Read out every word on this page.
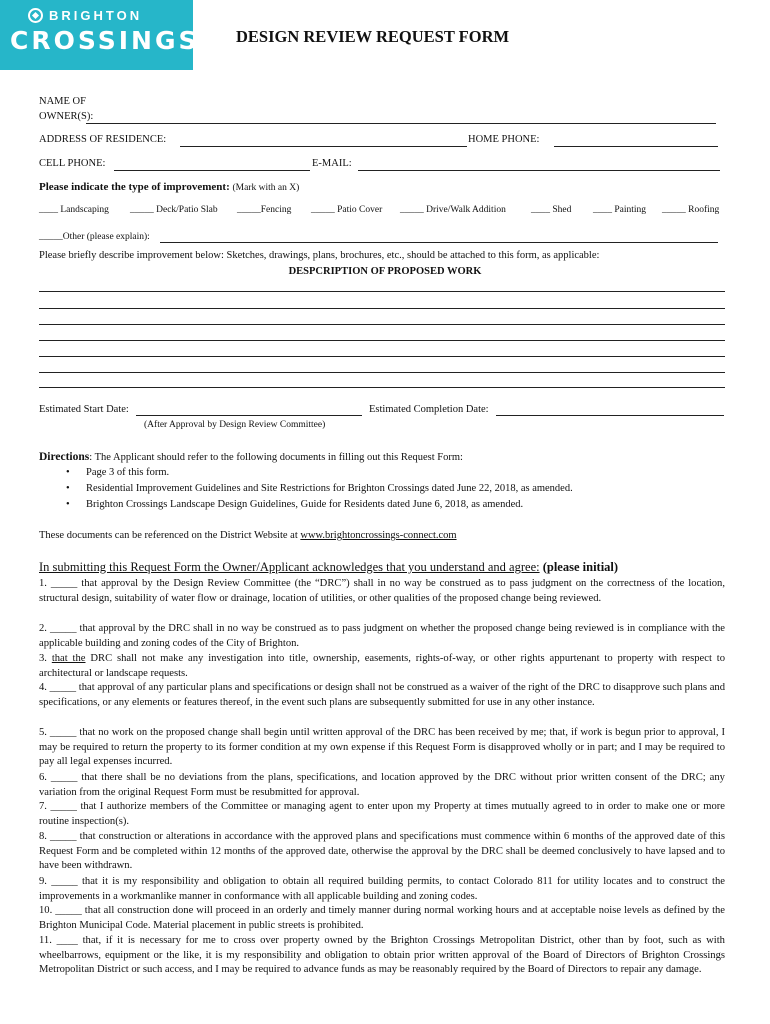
BRIGHTON
CROSSINGS DESIGN REVIEW REQUEST FORM
NAME OF
OWNER(S):
ADDRESS OF RESIDENCE:	HOME PHONE:
CELL PHONE:	E-MAIL:
Please indicate the type of improvement: (Mark with an X)
____ Landscaping _____ Deck/Patio Slab _____Fencing _____ Patio Cover _____ Drive/Walk Addition	____ Shed ____ Painting _____ Roofing
_____Other (please explain):
Please briefly describe improvement below: Sketches, drawings, plans, brochures, etc., should be attached to this form, as applicable:
DESPCRIPTION OF PROPOSED WORK
Estimated Start Date:	Estimated Completion Date:
(After Approval by Design Review Committee)
Directions: The Applicant should refer to the following documents in filling out this Request Form:
• Page 3 of this form.
• Residential Improvement Guidelines and Site Restrictions for Brighton Crossings dated June 22, 2018, as amended.
• Brighton Crossings Landscape Design Guidelines, Guide for Residents dated June 6, 2018, as amended.
These documents can be referenced on the District Website at www.brightoncrossings-connect.com
In submitting this Request Form the Owner/Applicant acknowledges that you understand and agree: (please initial)
1. _____ that approval by the Design Review Committee (the “DRC”) shall in no way be construed as to pass judgment on the correctness of the location, structural design, suitability of water flow or drainage, location of utilities, or other qualities of the proposed change being reviewed.
2. _____ that approval by the DRC shall in no way be construed as to pass judgment on whether the proposed change being reviewed is in compliance with the applicable building and zoning codes of the City of Brighton.
3. that the DRC shall not make any investigation into title, ownership, easements, rights-of-way, or other rights appurtenant to property with respect to architectural or landscape requests.
4. _____ that approval of any particular plans and specifications or design shall not be construed as a waiver of the right of the DRC to disapprove such plans and specifications, or any elements or features thereof, in the event such plans are subsequently submitted for use in any other instance.
5. _____ that no work on the proposed change shall begin until written approval of the DRC has been received by me; that, if work is begun prior to approval, I may be required to return the property to its former condition at my own expense if this Request Form is disapproved wholly or in part; and I may be required to pay all legal expenses incurred.
6. _____ that there shall be no deviations from the plans, specifications, and location approved by the DRC without prior written consent of the DRC; any variation from the original Request Form must be resubmitted for approval.
7. _____ that I authorize members of the Committee or managing agent to enter upon my Property at times mutually agreed to in order to make one or more routine inspection(s).
8. _____ that construction or alterations in accordance with the approved plans and specifications must commence within 6 months of the approved date of this Request Form and be completed within 12 months of the approved date, otherwise the approval by the DRC shall be deemed conclusively to have lapsed and to have been withdrawn.
9. _____ that it is my responsibility and obligation to obtain all required building permits, to contact Colorado 811 for utility locates and to construct the improvements in a workmanlike manner in conformance with all applicable building and zoning codes.
10. _____ that all construction done will proceed in an orderly and timely manner during normal working hours and at acceptable noise levels as defined by the Brighton Municipal Code. Material placement in public streets is prohibited.
11. ____ that, if it is necessary for me to cross over property owned by the Brighton Crossings Metropolitan District, other than by foot, such as with wheelbarrows, equipment or the like, it is my responsibility and obligation to obtain prior written approval of the Board of Directors of Brighton Crossings Metropolitan District or such access, and I may be required to advance funds as may be reasonably required by the Board of Directors to repair any damage.
